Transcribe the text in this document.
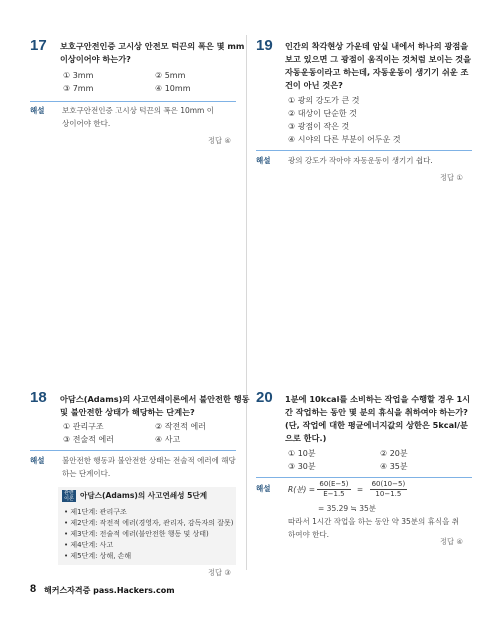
17 보호구안전인증 고시상 안전모 턱끈의 폭은 몇 mm
이상이어야 하는가?
① 3mm	② 5mm
③ 7mm	④ 10mm
해설 보호구안전인증 고시상 턱끈의 폭은 10mm 이
상이어야 한다.
정답 ④
18 아담스(Adams)의 사고연쇄이론에서 불안전한 행동
및 불안전한 상태가 해당하는 단계는?
① 관리구조	② 작전적 에러
③ 전술적 에러	④ 사고
해설 불안전한 행동과 불안전한 상태는 전술적 에러에 해당
하는 단계이다.
관련 이론 아담스(Adams)의 사고연쇄성 5단계
• 제1단계: 관리구조
• 제2단계: 작전적 에러(경영자, 관리자, 감독자의 잘못)
• 제3단계: 전술적 에러(불안전한 행동 및 상태)
• 제4단계: 사고
• 제5단계: 상해, 손해
정답 ③
19 인간의 착각현상 가운데 암실 내에서 하나의 광점을
보고 있으면 그 광점이 움직이는 것처럼 보이는 것을
자동운동이라고 하는데, 자동운동이 생기기 쉬운 조
건이 아닌 것은?
① 광의 강도가 큰 것
② 대상이 단순한 것
③ 광점이 작은 것
④ 시야의 다른 부분이 어두운 것
해설 광의 강도가 작아야 자동운동이 생기기 쉽다.
정답 ①
20 1분에 10kcal를 소비하는 작업을 수행할 경우 1시
간 작업하는 동안 몇 분의 휴식을 취하여야 하는가?
(단, 작업에 대한 평균에너지값의 상한은 5kcal/분
으로 한다.)
① 10분	② 20분
③ 30분	④ 35분
해설 R(분) = $\frac{60(E-5)}{E-1.5} = \frac{60(10-5)}{10-1.5}$
= 35.29 ≒ 35분
따라서 1시간 작업을 하는 동안 약 35분의 휴식을 취
하여야 한다.
정답 ④
8 해커스자격증 pass.Hackers.com
